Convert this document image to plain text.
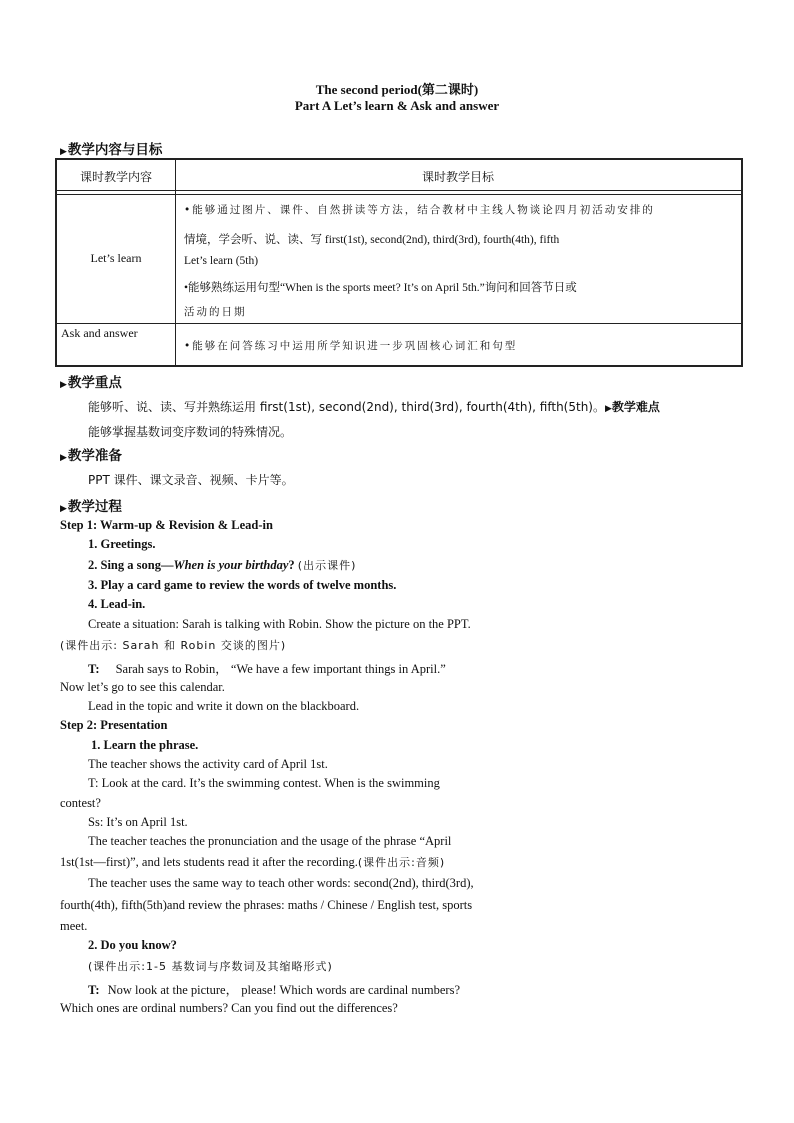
The second period(第二课时)
Part A Let’s learn & Ask and answer
▶教学内容与目标
课时教学内容	课时教学目标
Let’s learn
•能够通过图片、课件、自然拼读等方法，结合教材中主线人物谈论四月初活动安排的
情境，学会听、说、读、写 first(1st), second(2nd), third(3rd), fourth(4th), fifth
Let’s learn (5th)
•能够熟练运用句型“When is the sports meet? It’s on April 5th.”询问和回答节日或
活动的日期
Ask and answer
•能够在问答练习中运用所学知识进一步巩固核心词汇和句型
▶教学重点
能够听、说、读、写并熟练运用 first(1st), second(2nd), third(3rd), fourth(4th), fifth(5th)。▶教学难点
能够掌握基数词变序数词的特殊情况。
▶教学准备
PPT 课件、课文录音、视频、卡片等。
▶教学过程
Step 1: Warm-up & Revision & Lead-in
1. Greetings.
2. Sing a song—When is your birthday? (出示课件)
3. Play a card game to review the words of twelve months.
4. Lead-in.
Create a situation: Sarah is talking with Robin. Show the picture on the PPT.
(课件出示: Sarah 和 Robin 交谈的图片)
T: Sarah says to Robin， “We have a few important things in April.”
Now let’s go to see this calendar.
Lead in the topic and write it down on the blackboard.
Step 2: Presentation
1. Learn the phrase.
The teacher shows the activity card of April 1st.
T: Look at the card. It’s the swimming contest. When is the swimming
contest?
Ss: It’s on April 1st.
The teacher teaches the pronunciation and the usage of the phrase “April
1st(1st—first)”, and lets students read it after the recording.(课件出示:音频)
The teacher uses the same way to teach other words: second(2nd), third(3rd),
fourth(4th), fifth(5th)and review the phrases: maths / Chinese / English test, sports
meet.
2. Do you know?
(课件出示:1-5 基数词与序数词及其缩略形式)
T: Now look at the picture， please! Which words are cardinal numbers?
Which ones are ordinal numbers? Can you find out the differences?
